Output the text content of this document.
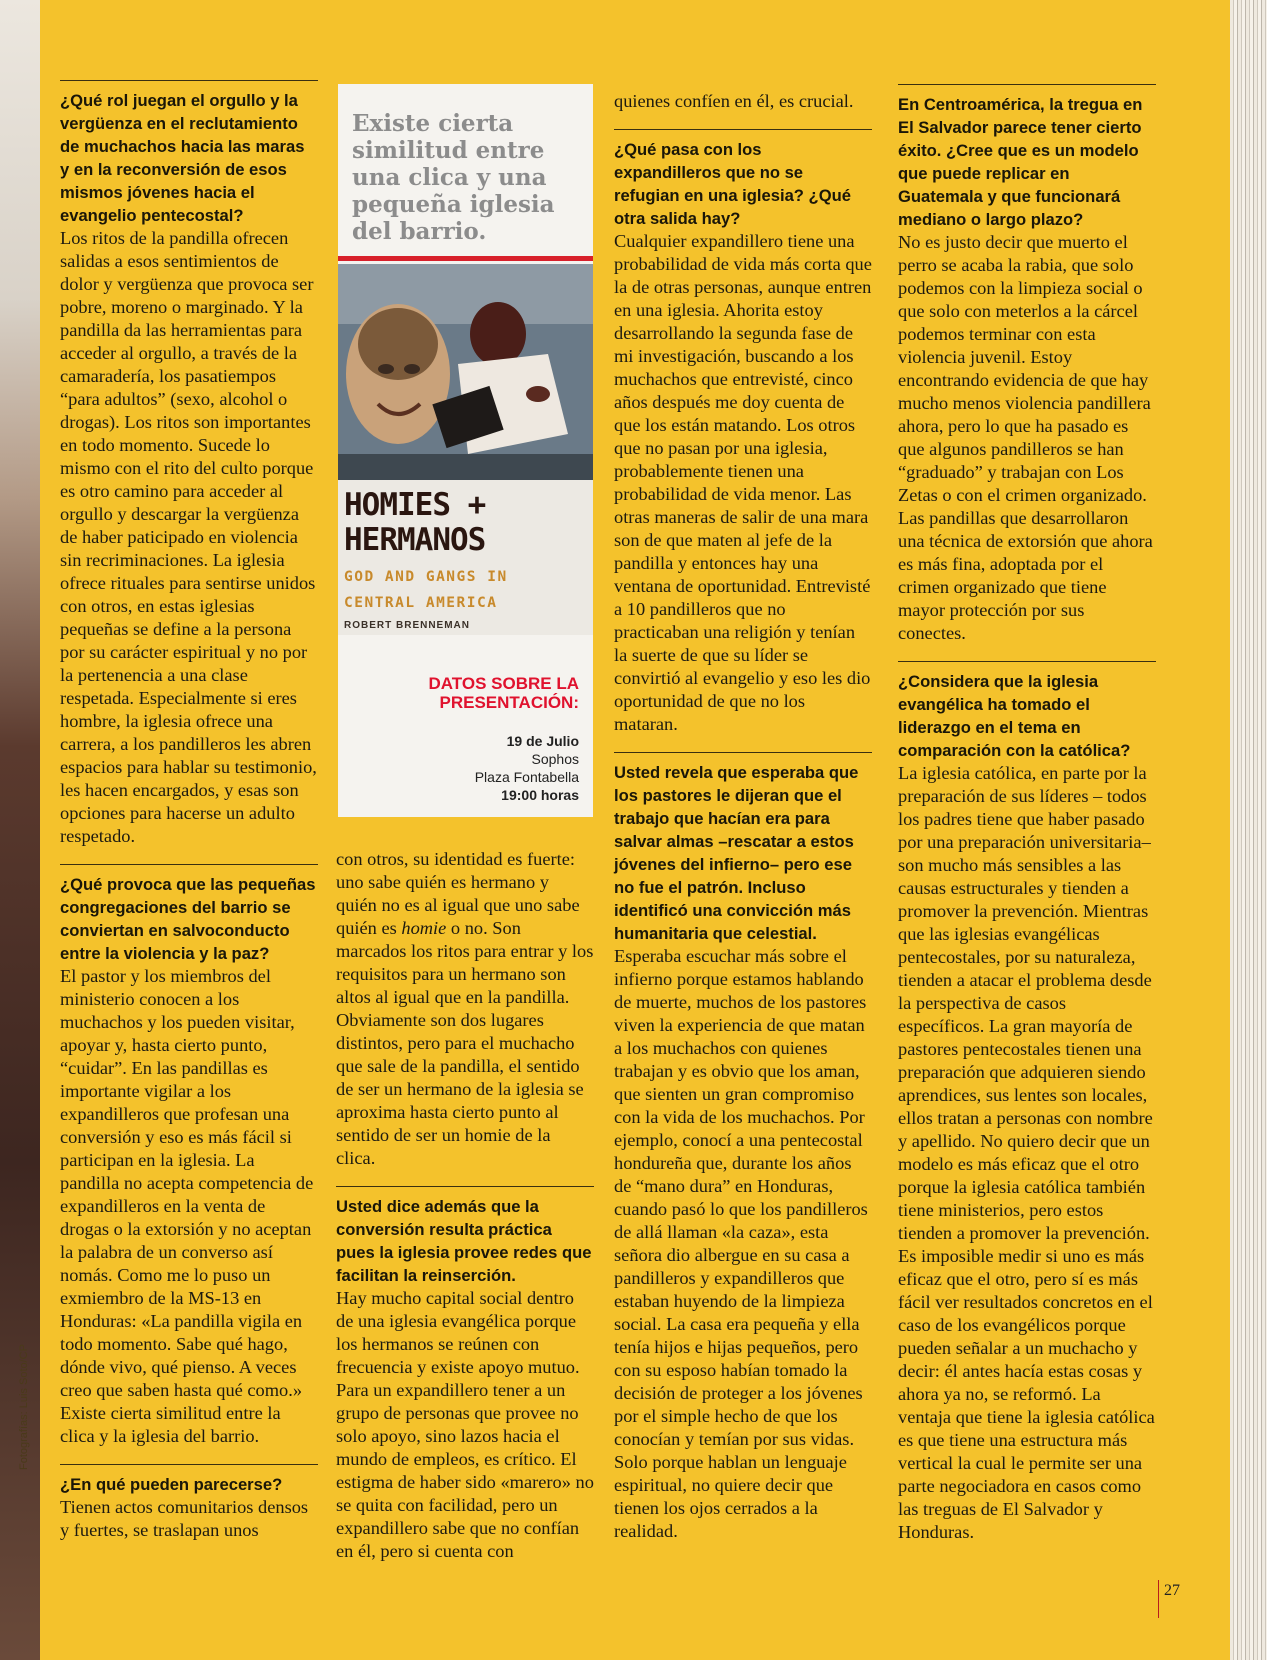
¿Qué rol juegan el orgullo y la vergüenza en el reclutamiento de muchachos hacia las maras y en la reconversión de esos mismos jóvenes hacia el evangelio pentecostal?

Los ritos de la pandilla ofrecen salidas a esos sentimientos de dolor y vergüenza que provoca ser pobre, moreno o marginado. Y la pandilla da las herramientas para acceder al orgullo, a través de la camaradería, los pasatiempos “para adultos” (sexo, alcohol o drogas). Los ritos son importantes en todo momento. Sucede lo mismo con el rito del culto porque es otro camino para acceder al orgullo y descargar la vergüenza de haber paticipado en violencia sin recriminaciones. La iglesia ofrece rituales para sentirse unidos con otros, en estas iglesias pequeñas se define a la persona por su carácter espiritual y no por la pertenencia a una clase respetada. Especialmente si eres hombre, la iglesia ofrece una carrera, a los pandilleros les abren espacios para hablar su testimonio, les hacen encargados, y esas son opciones para hacerse un adulto respetado.

¿Qué provoca que las pequeñas congregaciones del barrio se conviertan en salvoconducto entre la violencia y la paz?

El pastor y los miembros del ministerio conocen a los muchachos y los pueden visitar, apoyar y, hasta cierto punto, “cuidar”. En las pandillas es importante vigilar a los expandilleros que profesan una conversión y eso es más fácil si participan en la iglesia. La pandilla no acepta competencia de expandilleros en la venta de drogas o la extorsión y no aceptan la palabra de un converso así nomás. Como me lo puso un exmiembro de la MS-13 en Honduras: «La pandilla vigila en todo momento. Sabe qué hago, dónde vivo, qué pienso. A veces creo que saben hasta qué como.» Existe cierta similitud entre la clica y la iglesia del barrio.

¿En qué pueden parecerse?

Tienen actos comunitarios densos y fuertes, se traslapan unos

con otros, su identidad es fuerte: uno sabe quién es hermano y quién no es al igual que uno sabe quién es homie o no. Son marcados los ritos para entrar y los requisitos para un hermano son altos al igual que en la pandilla. Obviamente son dos lugares distintos, pero para el muchacho que sale de la pandilla, el sentido de ser un hermano de la iglesia se aproxima hasta cierto punto al sentido de ser un homie de la clica.

Usted dice además que la conversión resulta práctica pues la iglesia provee redes que facilitan la reinserción.

Hay mucho capital social dentro de una iglesia evangélica porque los hermanos se reúnen con frecuencia y existe apoyo mutuo. Para un expandillero tener a un grupo de personas que provee no solo apoyo, sino lazos hacia el mundo de empleos, es crítico. El estigma de haber sido «marero» no se quita con facilidad, pero un expandillero sabe que no confían en él, pero si cuenta con

quienes confíen en él, es crucial.

¿Qué pasa con los expandilleros que no se refugian en una iglesia? ¿Qué otra salida hay?

Cualquier expandillero tiene una probabilidad de vida más corta que la de otras personas, aunque entren en una iglesia. Ahorita estoy desarrollando la segunda fase de mi investigación, buscando a los muchachos que entrevisté, cinco años después me doy cuenta de que los están matando. Los otros que no pasan por una iglesia, probablemente tienen una probabilidad de vida menor. Las otras maneras de salir de una mara son de que maten al jefe de la pandilla y entonces hay una ventana de oportunidad. Entrevisté a 10 pandilleros que no practicaban una religión y tenían la suerte de que su líder se convirtió al evangelio y eso les dio oportunidad de que no los mataran.

Usted revela que esperaba que los pastores le dijeran que el trabajo que hacían era para salvar almas –rescatar a estos jóvenes del infierno– pero ese no fue el patrón. Incluso identificó una convicción más humanitaria que celestial.

Esperaba escuchar más sobre el infierno porque estamos hablando de muerte, muchos de los pastores viven la experiencia de que matan a los muchachos con quienes trabajan y es obvio que los aman, que sienten un gran compromiso con la vida de los muchachos. Por ejemplo, conocí a una pentecostal hondureña que, durante los años de “mano dura” en Honduras, cuando pasó lo que los pandilleros de allá llaman «la caza», esta señora dio albergue en su casa a pandilleros y expandilleros que estaban huyendo de la limpieza social. La casa era pequeña y ella tenía hijos e hijas pequeños, pero con su esposo habían tomado la decisión de proteger a los jóvenes por el simple hecho de que los conocían y temían por sus vidas. Solo porque hablan un lenguaje espiritual, no quiere decir que tienen los ojos cerrados a la realidad.

En Centroamérica, la tregua en El Salvador parece tener cierto éxito. ¿Cree que es un modelo que puede replicar en Guatemala y que funcionará mediano o largo plazo?

No es justo decir que muerto el perro se acaba la rabia, que solo podemos con la limpieza social o que solo con meterlos a la cárcel podemos terminar con esta violencia juvenil. Estoy encontrando evidencia de que hay mucho menos violencia pandillera ahora, pero lo que ha pasado es que algunos pandilleros se han “graduado” y trabajan con Los Zetas o con el crimen organizado. Las pandillas que desarrollaron una técnica de extorsión que ahora es más fina, adoptada por el crimen organizado que tiene mayor protección por sus conectes.

¿Considera que la iglesia evangélica ha tomado el liderazgo en el tema en comparación con la católica?

La iglesia católica, en parte por la preparación de sus líderes – todos los padres tiene que haber pasado por una preparación universitaria– son mucho más sensibles a las causas estructurales y tienden a promover la prevención. Mientras que las iglesias evangélicas pentecostales, por su naturaleza, tienden a atacar el problema desde la perspectiva de casos específicos. La gran mayoría de pastores pentecostales tienen una preparación que adquieren siendo aprendices, sus lentes son locales, ellos tratan a personas con nombre y apellido. No quiero decir que un modelo es más eficaz que el otro porque la iglesia católica también tiene ministerios, pero estos tienden a promover la prevención. Es imposible medir si uno es más eficaz que el otro, pero sí es más fácil ver resultados concretos en el caso de los evangélicos porque pueden señalar a un muchacho y decir: él antes hacía estas cosas y ahora ya no, se reformó. La ventaja que tiene la iglesia católica es que tiene una estructura más vertical la cual le permite ser una parte negociadora en casos como las treguas de El Salvador y Honduras.

Existe cierta similitud entre una clica y una pequeña iglesia del barrio.

HOMIES +
HERMANOS

GOD AND GANGS IN CENTRAL AMERICA

ROBERT BRENNEMAN

DATOS SOBRE LA PRESENTACIÓN:

19 de Julio
Sophos
Plaza Fontabella
19:00 horas
27
Fotografías: Luis Soto/CP
